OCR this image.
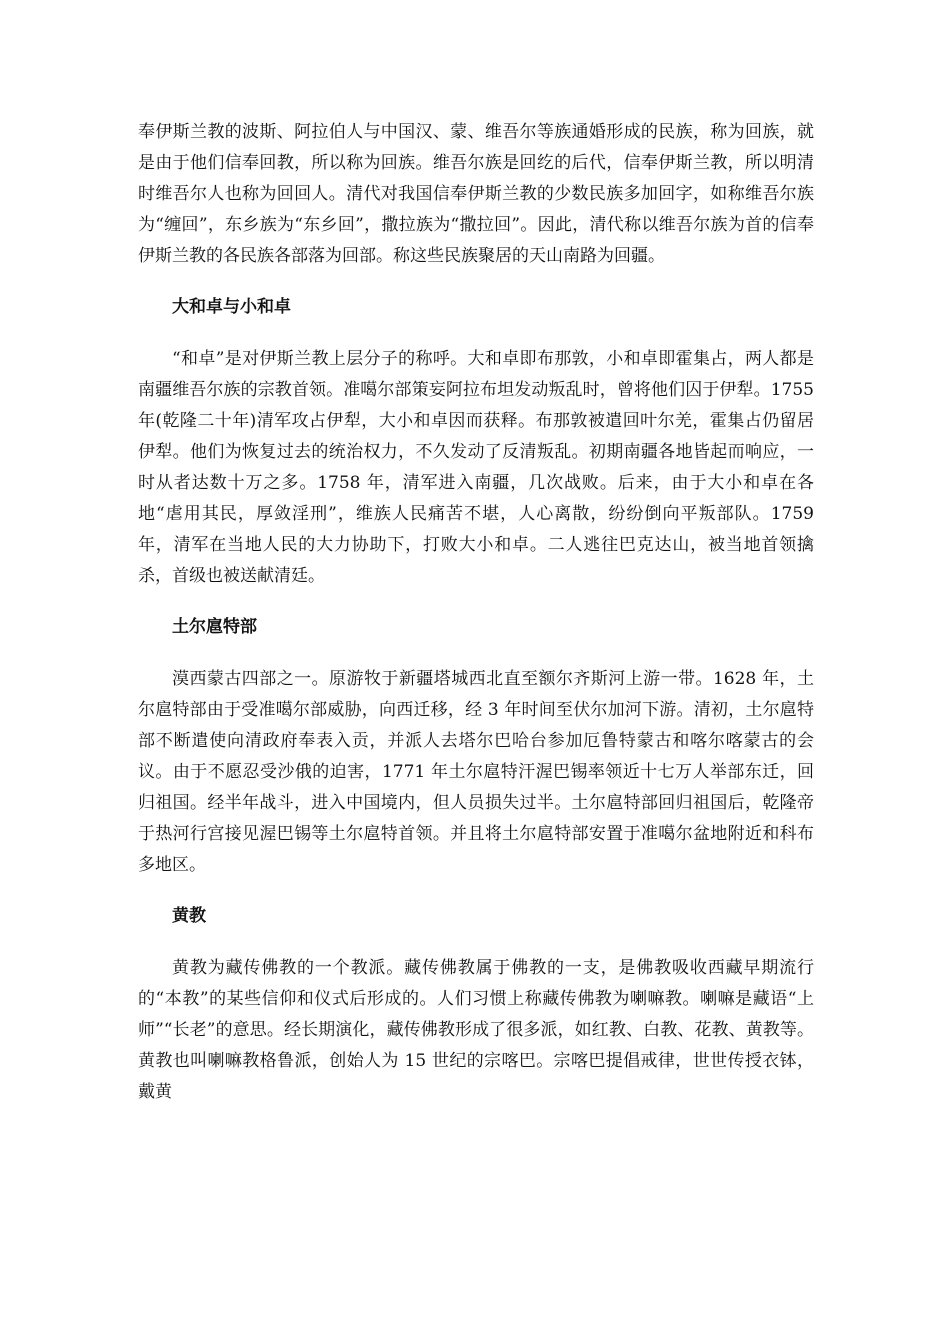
奉伊斯兰教的波斯、阿拉伯人与中国汉、蒙、维吾尔等族通婚形成的民族，称为回族，就是由于他们信奉回教，所以称为回族。维吾尔族是回纥的后代，信奉伊斯兰教，所以明清时维吾尔人也称为回回人。清代对我国信奉伊斯兰教的少数民族多加回字，如称维吾尔族为“缠回”，东乡族为“东乡回”，撒拉族为“撒拉回”。因此，清代称以维吾尔族为首的信奉伊斯兰教的各民族各部落为回部。称这些民族聚居的天山南路为回疆。

大和卓与小和卓

“和卓”是对伊斯兰教上层分子的称呼。大和卓即布那敦，小和卓即霍集占，两人都是南疆维吾尔族的宗教首领。准噶尔部策妄阿拉布坦发动叛乱时，曾将他们囚于伊犁。1755 年(乾隆二十年)清军攻占伊犁，大小和卓因而获释。布那敦被遣回叶尔羌，霍集占仍留居伊犁。他们为恢复过去的统治权力，不久发动了反清叛乱。初期南疆各地皆起而响应，一时从者达数十万之多。1758 年，清军进入南疆，几次战败。后来，由于大小和卓在各地“虐用其民，厚敛淫刑”，维族人民痛苦不堪，人心离散，纷纷倒向平叛部队。1759 年，清军在当地人民的大力协助下，打败大小和卓。二人逃往巴克达山，被当地首领擒杀，首级也被送献清廷。

土尔扈特部

漠西蒙古四部之一。原游牧于新疆塔城西北直至额尔齐斯河上游一带。1628 年，土尔扈特部由于受准噶尔部威胁，向西迁移，经 3 年时间至伏尔加河下游。清初，土尔扈特部不断遣使向清政府奉表入贡，并派人去塔尔巴哈台参加厄鲁特蒙古和喀尔喀蒙古的会议。由于不愿忍受沙俄的迫害，1771 年土尔扈特汗渥巴锡率领近十七万人举部东迁，回归祖国。经半年战斗，进入中国境内，但人员损失过半。土尔扈特部回归祖国后，乾隆帝于热河行宫接见渥巴锡等土尔扈特首领。并且将土尔扈特部安置于准噶尔盆地附近和科布多地区。

黄教

黄教为藏传佛教的一个教派。藏传佛教属于佛教的一支，是佛教吸收西藏早期流行的“本教”的某些信仰和仪式后形成的。人们习惯上称藏传佛教为喇嘛教。喇嘛是藏语“上师”“长老”的意思。经长期演化，藏传佛教形成了很多派，如红教、白教、花教、黄教等。黄教也叫喇嘛教格鲁派，创始人为 15 世纪的宗喀巴。宗喀巴提倡戒律，世世传授衣钵，戴黄
